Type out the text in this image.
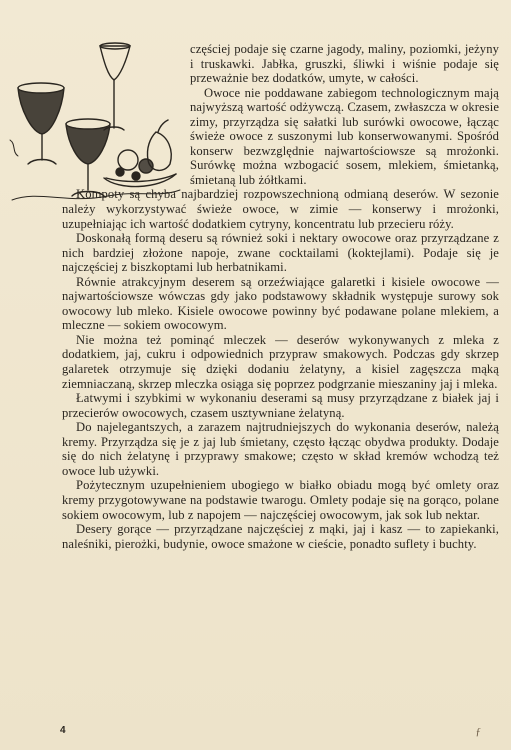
częściej podaje się czarne jagody, maliny, poziomki, jeżyny i truskawki. Jabłka, gruszki, śliwki i wiśnie podaje się przeważnie bez dodatków, umyte, w całości.

Owoce nie poddawane zabiegom technologicznym mają najwyższą wartość odżywczą. Czasem, zwłaszcza w okresie zimy, przyrządza się sałatki lub surówki owocowe, łącząc świeże owoce z suszonymi lub konserwowanymi. Spośród konserw bezwzględnie najwartościowsze są mrożonki. Surówkę można wzbogacić sosem, mlekiem, śmietanką, śmietaną lub żółtkami.

Kompoty są chyba najbardziej rozpowszechnioną odmianą deserów. W sezonie należy wykorzystywać świeże owoce, w zimie — konserwy i mrożonki, uzupełniając ich wartość dodatkiem cytryny, koncentratu lub przecieru róży.

Doskonałą formą deseru są również soki i nektary owocowe oraz przyrządzane z nich bardziej złożone napoje, zwane cocktailami (koktejlami). Podaje się je najczęściej z biszkoptami lub herbatnikami.

Równie atrakcyjnym deserem są orzeźwiające galaretki i kisiele owocowe — najwartościowsze wówczas gdy jako podstawowy składnik występuje surowy sok owocowy lub mleko. Kisiele owocowe powinny być podawane polane mlekiem, a mleczne — sokiem owocowym.

Nie można też pominąć mleczek — deserów wykonywanych z mleka z dodatkiem, jaj, cukru i odpowiednich przypraw smakowych. Podczas gdy skrzep galaretek otrzymuje się dzięki dodaniu żelatyny, a kisiel zagęszcza mąką ziemniaczaną, skrzep mleczka osiąga się poprzez podgrzanie mieszaniny jaj i mleka.

Łatwymi i szybkimi w wykonaniu deserami są musy przyrządzane z białek jaj i przecierów owocowych, czasem usztywniane żelatyną.

Do najelegantszych, a zarazem najtrudniejszych do wykonania deserów, należą kremy. Przyrządza się je z jaj lub śmietany, często łącząc obydwa produkty. Dodaje się do nich żelatynę i przyprawy smakowe; często w skład kremów wchodzą też owoce lub używki.

Pożytecznym uzupełnieniem ubogiego w białko obiadu mogą być omlety oraz kremy przygotowywane na podstawie twarogu. Omlety podaje się na gorąco, polane sokiem owocowym, lub z napojem — najczęściej owocowym, jak sok lub nektar.

Desery gorące — przyrządzane najczęściej z mąki, jaj i kasz — to zapiekanki, naleśniki, pierożki, budynie, owoce smażone w cieście, ponadto suflety i buchty.

4	ƒ
